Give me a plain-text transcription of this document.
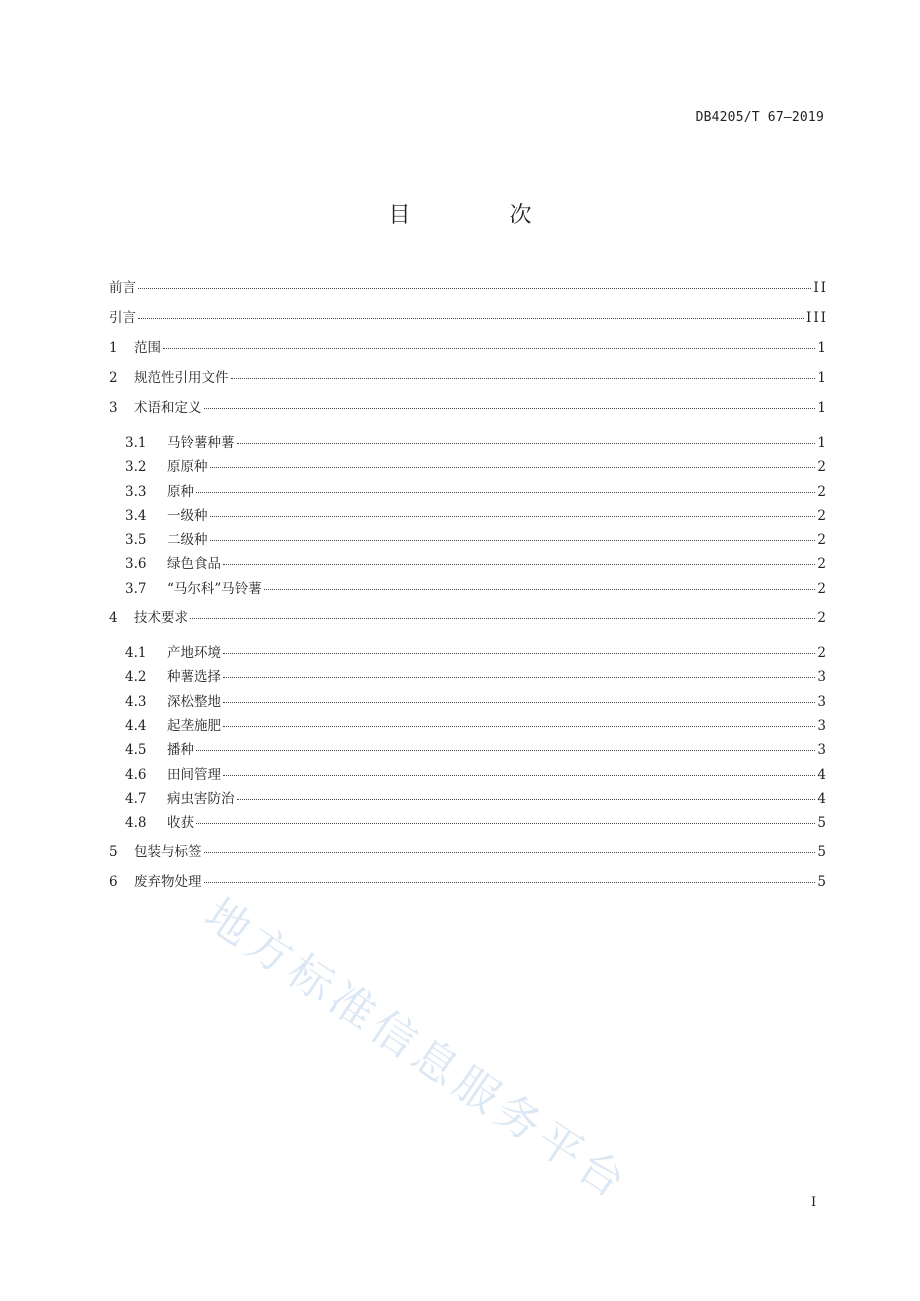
DB4205/T 67—2019
目 次
前言	II
引言	III
1	范围	1
2	规范性引用文件	1
3	术语和定义	1
3.1	马铃薯种薯	1
3.2	原原种	2
3.3	原种	2
3.4	一级种	2
3.5	二级种	2
3.6	绿色食品	2
3.7	“马尔科”马铃薯	2
4	技术要求	2
4.1	产地环境	2
4.2	种薯选择	3
4.3	深松整地	3
4.4	起垄施肥	3
4.5	播种	3
4.6	田间管理	4
4.7	病虫害防治	4
4.8	收获	5
5	包装与标签	5
6	废弃物处理	5
I
地方标准信息服务平台
